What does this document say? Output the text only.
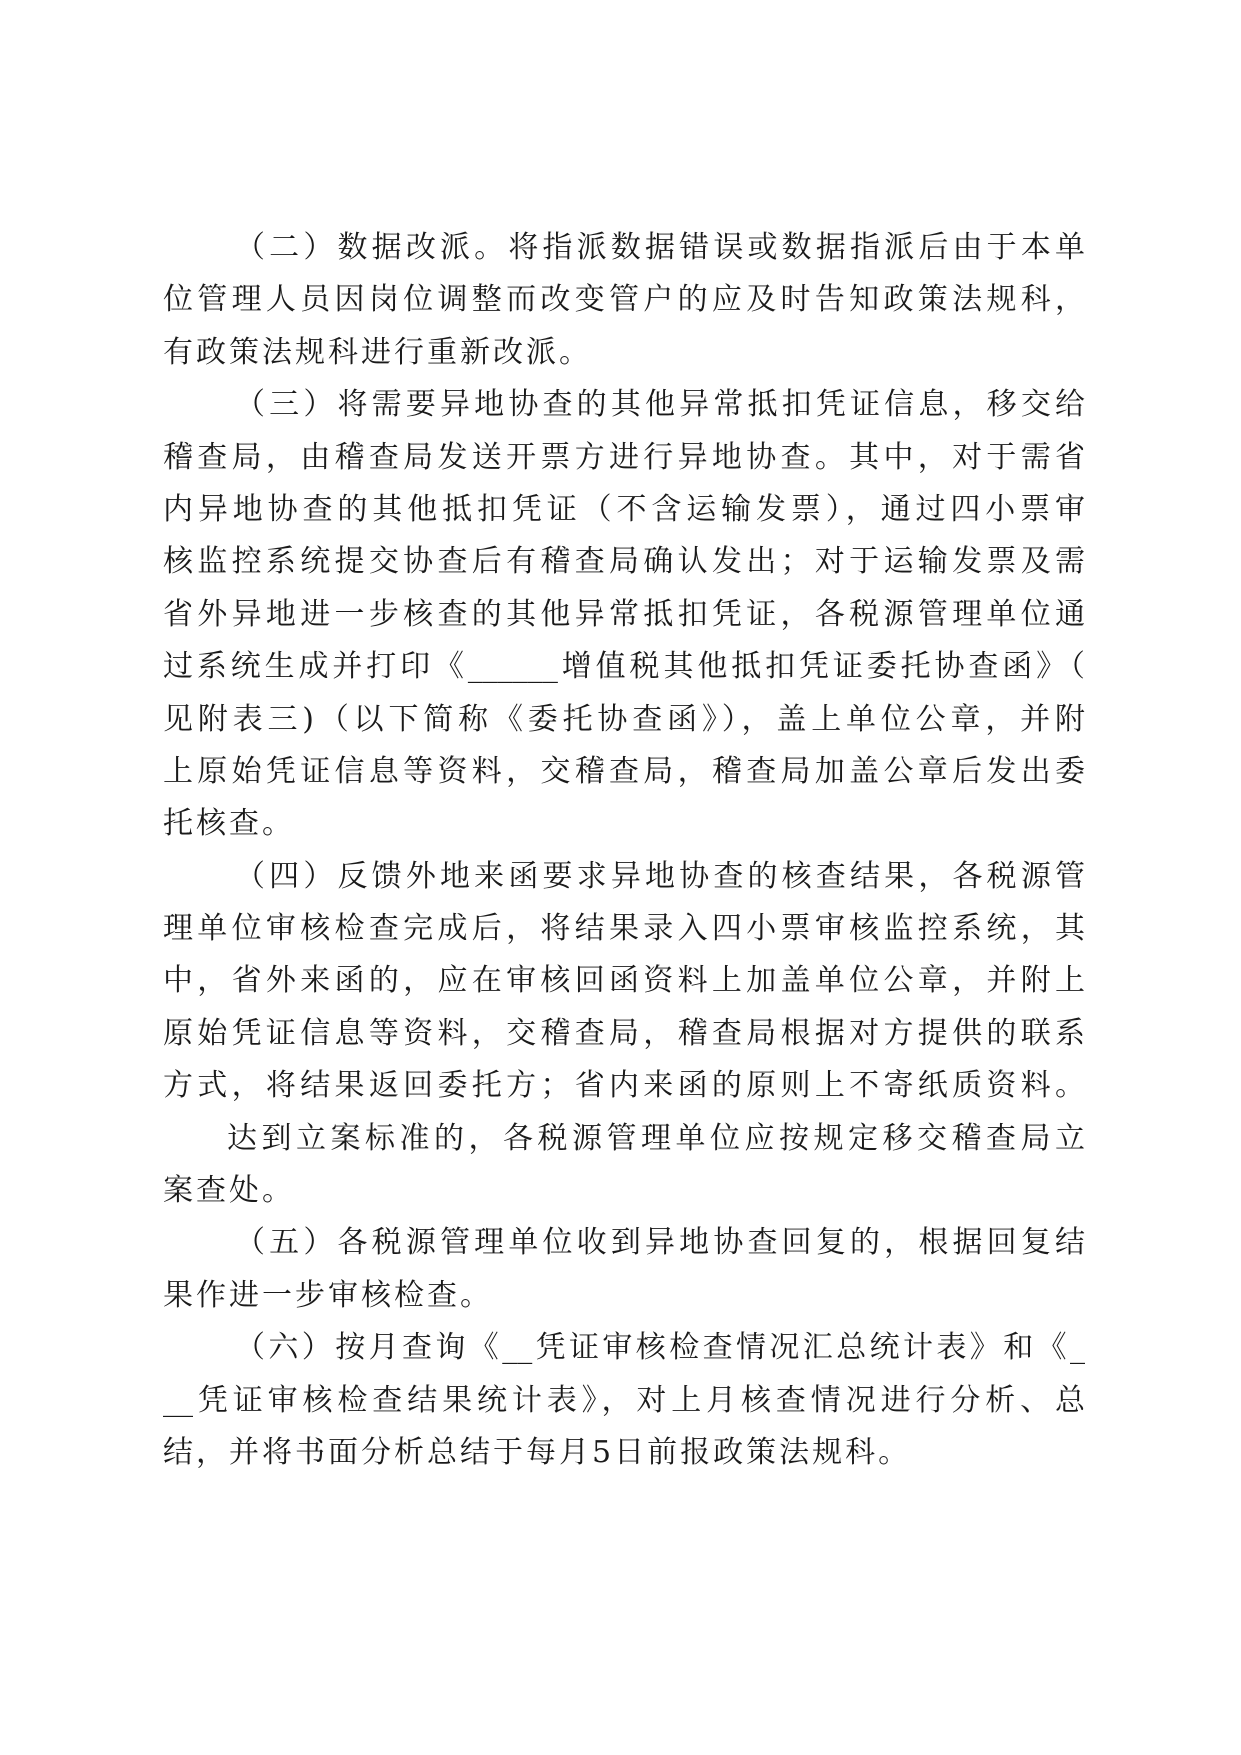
（二）数据改派。将指派数据错误或数据指派后由于本单
位管理人员因岗位调整而改变管户的应及时告知政策法规科，
有政策法规科进行重新改派。
（三）将需要异地协查的其他异常抵扣凭证信息，移交给
稽查局，由稽查局发送开票方进行异地协查。其中，对于需省
内异地协查的其他抵扣凭证（不含运输发票），通过四小票审
核监控系统提交协查后有稽查局确认发出；对于运输发票及需
省外异地进一步核查的其他异常抵扣凭证，各税源管理单位通
过系统生成并打印《______增值税其他抵扣凭证委托协查函》（
见附表三)（以下简称《委托协查函》），盖上单位公章，并附
上原始凭证信息等资料，交稽查局，稽查局加盖公章后发出委
托核查。
（四）反馈外地来函要求异地协查的核查结果，各税源管
理单位审核检查完成后，将结果录入四小票审核监控系统，其
中，省外来函的，应在审核回函资料上加盖单位公章，并附上
原始凭证信息等资料，交稽查局，稽查局根据对方提供的联系
方式，将结果返回委托方；省内来函的原则上不寄纸质资料。
达到立案标准的，各税源管理单位应按规定移交稽查局立
案查处。
（五）各税源管理单位收到异地协查回复的，根据回复结
果作进一步审核检查。
（六）按月查询《__凭证审核检查情况汇总统计表》和《_
__凭证审核检查结果统计表》，对上月核查情况进行分析、总
结，并将书面分析总结于每月5日前报政策法规科。
